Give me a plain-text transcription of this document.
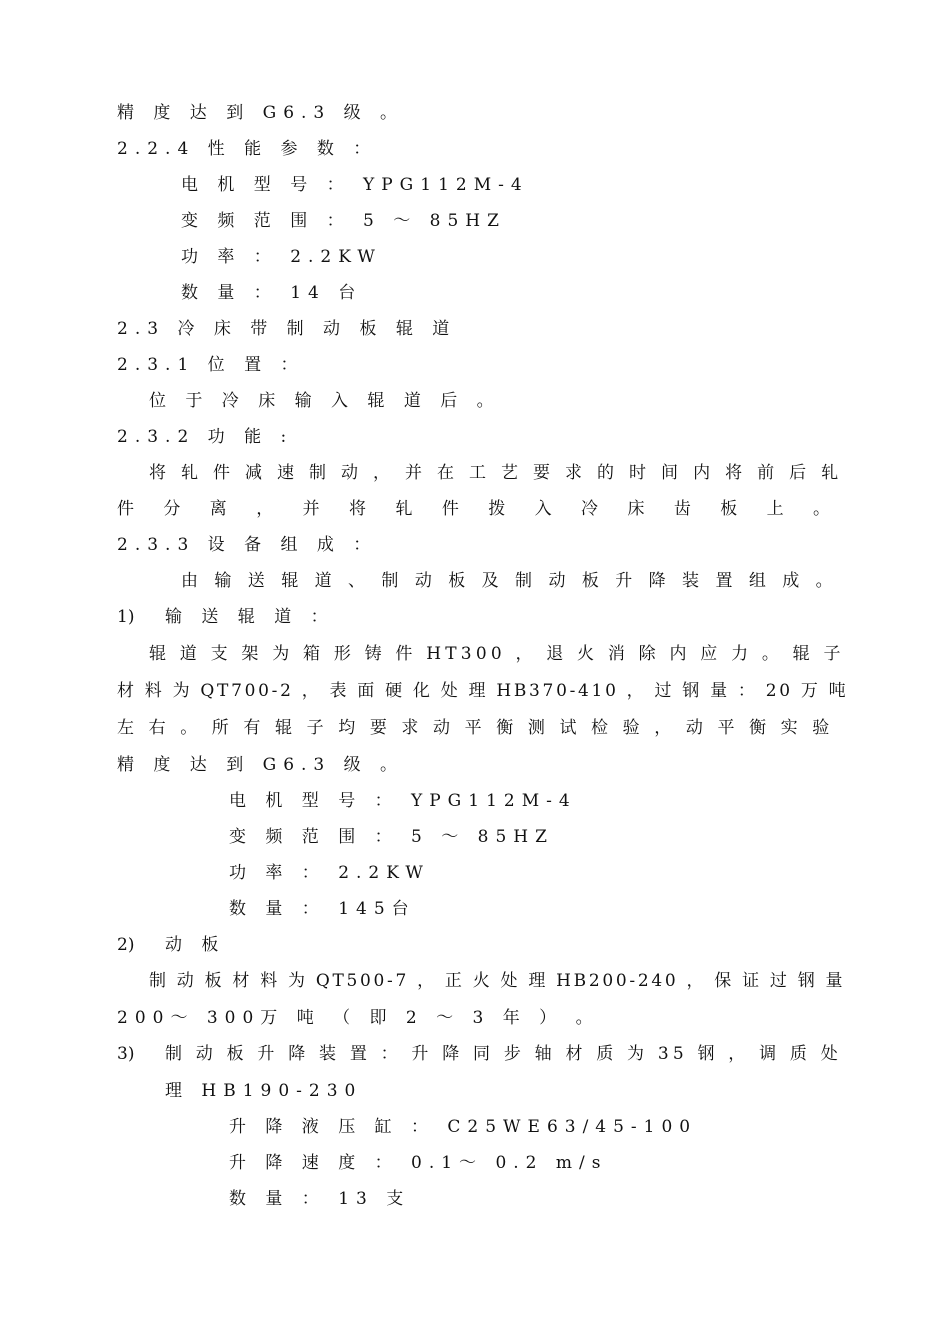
精 度 达 到 G6.3 级 。
2.2.4 性 能 参 数 ：
电 机 型 号 ： YPG112M-4
变 频 范 围 ： 5 ～ 85HZ
功 率 ： 2.2KW
数 量 ： 14 台
2.3 冷 床 带 制 动 板 辊 道
2.3.1 位 置 ：
位 于 冷 床 输 入 辊 道 后 。
2.3.2 功 能 :
将 轧 件 减 速 制 动 ， 并 在 工 艺 要 求 的 时 间 内 将 前 后 轧
件 分 离 ， 并 将 轧 件 拨 入 冷 床 齿 板 上 。
2.3.3 设 备 组 成 ：
由 输 送 辊 道 、 制 动 板 及 制 动 板 升 降 装 置 组 成 。
1) 输 送 辊 道 ：
辊 道 支 架 为 箱 形 铸 件 HT300 ， 退 火 消 除 内 应 力 。 辊 子
材 料 为 QT700-2 ， 表 面 硬 化 处 理 HB370-410 ， 过 钢 量 ： 20 万 吨
左 右 。 所 有 辊 子 均 要 求 动 平 衡 测 试 检 验 ， 动 平 衡 实 验
精 度 达 到 G6.3 级 。
电 机 型 号 ： YPG112M-4
变 频 范 围 ： 5 ～ 85HZ
功 率 ： 2.2KW
数 量 ： 145台
2) 动 板
制 动 板 材 料 为 QT500-7 ， 正 火 处 理 HB200-240 ， 保 证 过 钢 量
200～ 300万 吨 （ 即 2 ～ 3 年 ） 。
3) 制 动 板 升 降 装 置 ： 升 降 同 步 轴 材 质 为 35 钢 ， 调 质 处
理 HB190-230
升 降 液 压 缸 ： C25WE63/45-100
升 降 速 度 ： 0.1～ 0.2 m/s
数 量 ： 13 支
